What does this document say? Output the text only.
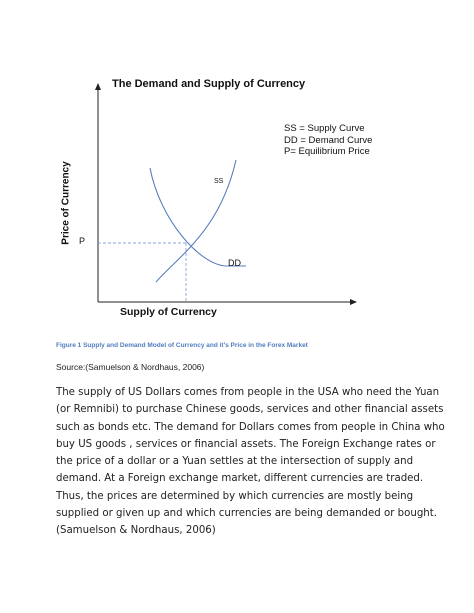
The Demand and Supply of Currency
SS = Supply Curve
DD = Demand Curve
P= Equilibrium Price
Price of Currency
Supply of Currency
P
SS
DD
Figure 1 Supply and Demand Model of Currency and it's Price in the Forex Market
Source:(Samuelson & Nordhaus, 2006)
The supply of US Dollars comes from people in the USA who need the Yuan
(or Remnibi) to purchase Chinese goods, services and other financial assets
such as bonds etc. The demand for Dollars comes from people in China who
buy US goods , services or financial assets. The Foreign Exchange rates or
the price of a dollar or a Yuan settles at the intersection of supply and
demand. At a Foreign exchange market, different currencies are traded.
Thus, the prices are determined by which currencies are mostly being
supplied or given up and which currencies are being demanded or bought.
(Samuelson & Nordhaus, 2006)
